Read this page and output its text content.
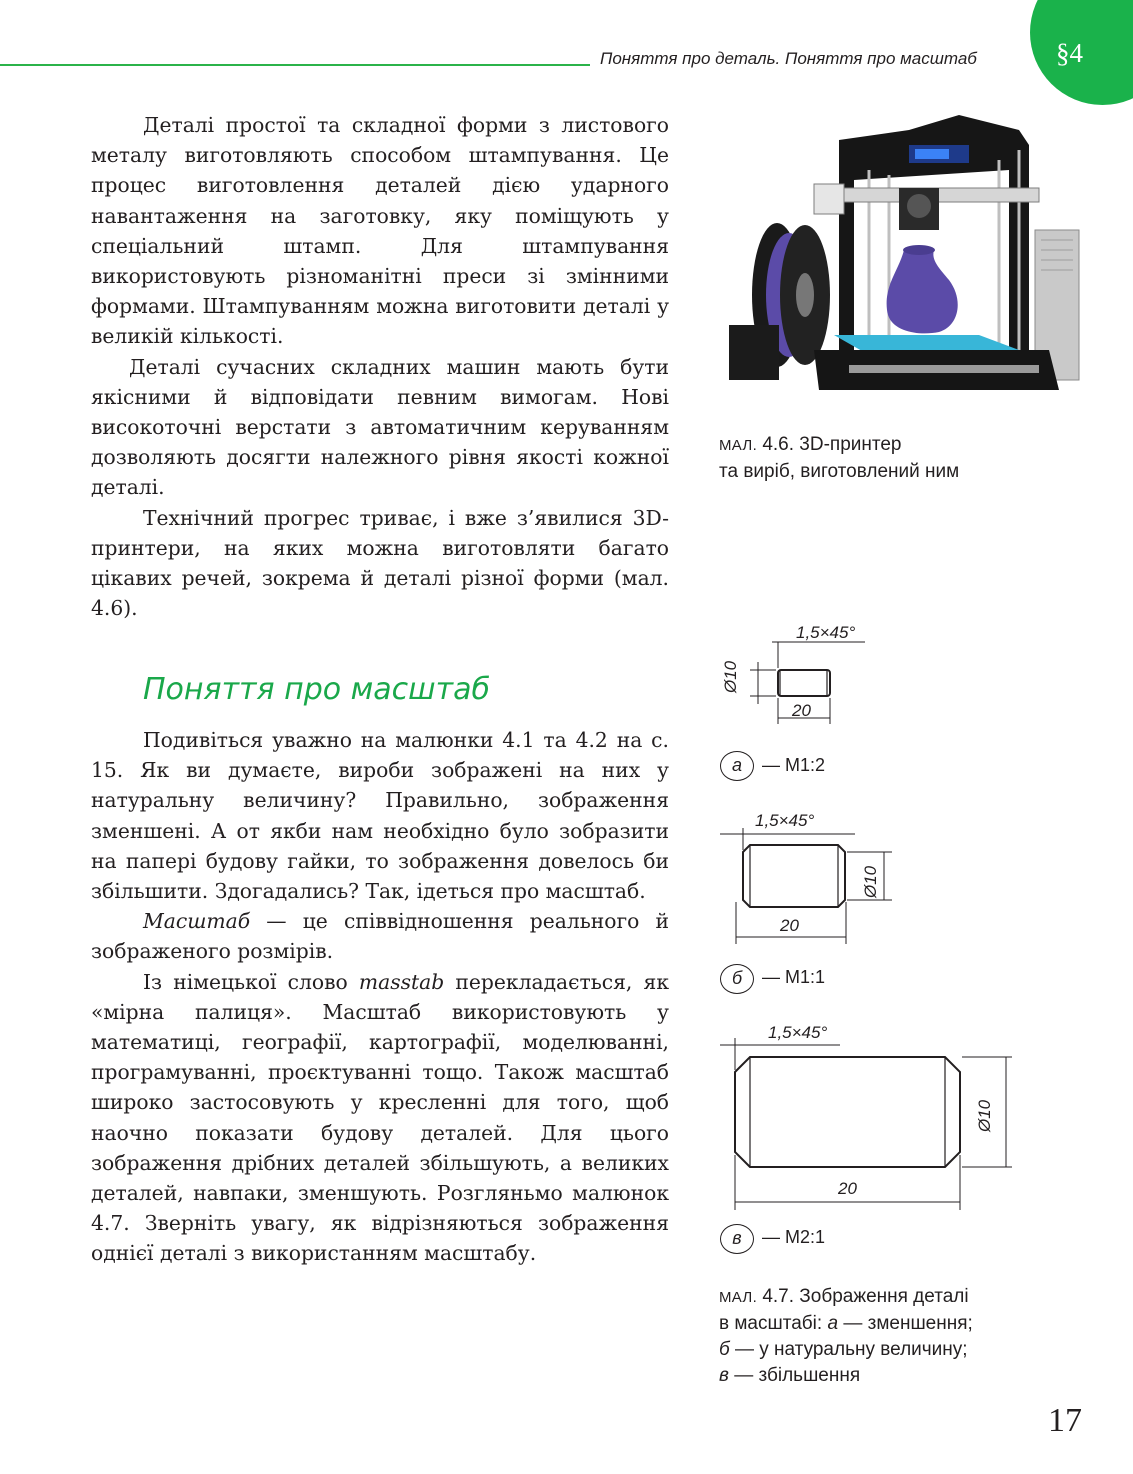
Поняття про деталь. Поняття про масштаб	§4

Деталі простої та складної форми з листового металу виготовляють способом штампування. Це процес виготовлення деталей дією ударного навантаження на заготовку, яку поміщують у спеціальний штамп. Для штампування використовують різноманітні преси зі змінними формами. Штампуванням можна виготовити деталі у великій кількості.

Деталі сучасних складних машин мають бути якісними й відповідати певним вимогам. Нові високоточні верстати з автоматичним керуванням дозволяють досягти належного рівня якості кожної деталі.

Технічний прогрес триває, і вже з’явилися 3D-принтери, на яких можна виготовляти багато цікавих речей, зокрема й деталі різної форми (мал. 4.6).

Поняття про масштаб

Подивіться уважно на малюнки 4.1 та 4.2 на с. 15. Як ви думаєте, вироби зображені на них у натуральну величину? Правильно, зображення зменшені. А от якби нам необхідно було зобразити на папері будову гайки, то зображення довелось би збільшити. Здогадались? Так, ідеться про масштаб.

Масштаб — це співвідношення реального й зображеного розмірів.

Із німецької слово masstab перекладається, як «мірна палиця». Масштаб використовують у математиці, географії, картографії, моделюванні, програмуванні, проєктуванні тощо. Також масштаб широко застосовують у кресленні для того, щоб наочно показати будову деталей. Для цього зображення дрібних деталей збільшують, а великих деталей, навпаки, зменшують. Розгляньмо малюнок 4.7. Зверніть увагу, як відрізняються зображення однієї деталі з використанням масштабу.

МАЛ. 4.6. 3D-принтер
та виріб, виготовлений ним
1,5×45°
20
Ø10
а	— М1:2
1,5×45°
Ø10
20
б	— М1:1
1,5×45°
Ø10
20
в	— М2:1
МАЛ. 4.7. Зображення деталі
в масштабі: а — зменшення;
б — у натуральну величину;
в — збільшення
17
